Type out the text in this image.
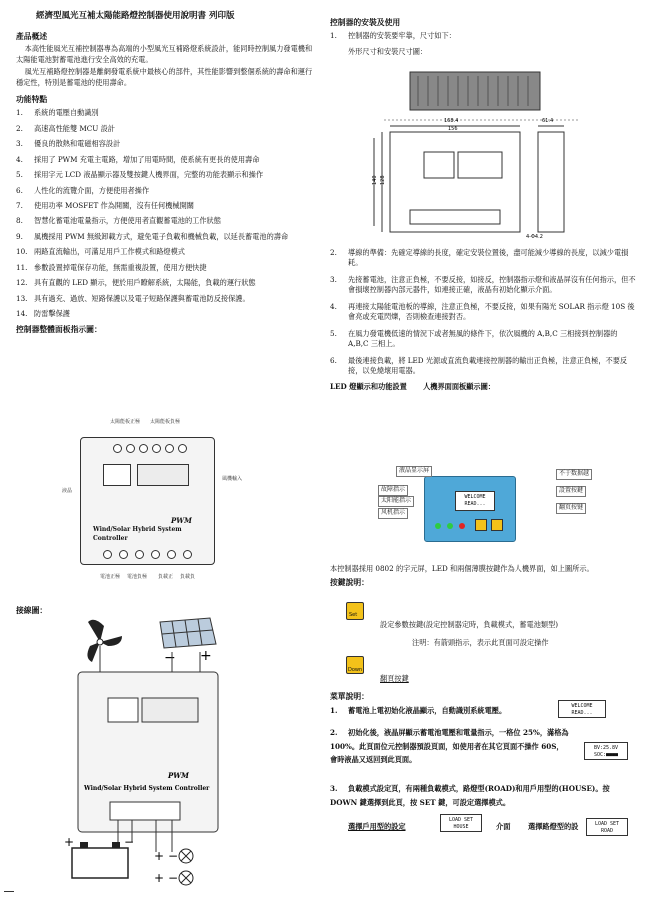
經濟型風光互補太陽能路燈控制器使用說明書 列印版
產品概述
本高性能風光互補控制器專為高端的小型風光互補路燈系統設計，能同時控制風力發電機和太陽能電池對蓄電池進行安全高效的充電。
風光互補路燈控制器是離網發電系統中最核心的部件，其性能影響到整個系統的壽命和運行穩定性，特別是蓄電池的使用壽命。
功能特點
1.	系統的電壓自動識別
2.	高速高性能雙 MCU 設計
3.	優良的散熱和電磁相容設計
4.	採用了 PWM 充電主電路，增加了用電時間，使系統有更長的使用壽命
5.	採用字元 LCD 液晶顯示器及雙按鍵人機界面，完整的功能表顯示和操作
6.	人性化的流覽介面，方便使用者操作
7.	使用功率 MOSFET 作為開關，沒有任何機械開關
8.	智慧化蓄電池電量指示，方便使用者直觀蓄電池的工作狀態
9.	風機採用 PWM 無級卸載方式，避免電子負載和機械負載，以延長蓄電池的壽命
10. 兩路直流輸出，可滿足用戶工作模式和路燈模式
11. 參數設置掉電保存功能，無需重複設置，使用方便快捷
12. 具有直觀的 LED 顯示，便於用戶瞭解系統，太陽能，負載的運行狀態
13. 具有過充、過放、短路保護以及電子短路保護與蓄電池防反接保護。
14. 防雷擊保護
控制器整體面板指示圖：
PWM
Wind/Solar Hybrid System Controller
太陽能板正極 太陽能板負極
液晶
風機輸入
電池正極 電池負極 負載正 負載負
接線圖：
− +
PWM
Wind/Solar Hybrid System Controller
+	−
+ −
+ −
控制器的安裝及使用
1.	控制器的安裝要牢靠，尺寸如下：
外形尺寸和安裝尺寸圖：
168.4
156
61.4
140 128
4-Φ4.2
2.	導線的準備：先確定導線的長度，確定安裝位置後，盡可能減少導線的長度，以減少電損耗。
3.	先接蓄電池，注意正負極，不要反接，如接反，控制器指示燈和液晶屏沒有任何指示，但不會損壞控制器內部元器件，如連接正確，液晶有初始化顯示介面。
4.	再連接太陽能電池板的導線，注意正負極，不要反接，如果有陽光 SOLAR 指示燈 10S 後會亮或充電閃爍，否則檢查連接對否。
5.	在風力發電機低速的情況下或者無風的條件下，依次風機的 A,B,C 三相接到控制器的 A,B,C 三相上。
6.	最後連接負載，將 LED 光源或直流負載連接控制器的輸出正負極，注意正負極，不要反接，以免燒壞用電器。
LED 燈顯示和功能設置 人機界面面板顯示圖：
WELCOME
READ...
液晶显示屏
故障指示
太阳能指示
风机指示
不于数据越
設置按鍵
翻页按键
本控制器採用 0802 的字元屏，LED 和兩個薄膜按鍵作為人機界面，如上圖所示。
按鍵說明：
Set
設定參數按鍵(設定控制器定時，負載模式，蓄電池類型)
注明：有箭頭指示，表示此頁面可設定操作
Down
翻頁按鍵
菜單說明：
1. 蓄電池上電初始化液晶顯示，自動識別系統電壓。	WELCOME
READ...
2. 初始化後，液晶屏顯示蓄電池電壓和電量指示，一格位 25%，滿格為 100%。此頁面位元控制器預設頁面，如使用者在其它頁面不操作 60S，會時液晶又返回到此頁面。
BV:25.8V
SOC:■■■■
3. 負載模式設定頁，有兩種負載模式，路燈型(ROAD)和用戶用型的(HOUSE)。按 DOWN 鍵選擇到此頁，按 SET 鍵，可設定選擇模式。
選擇戶用型的設定
LOAD SET
HOUSE	介面 選擇路燈型的設	LOAD SET
ROAD
